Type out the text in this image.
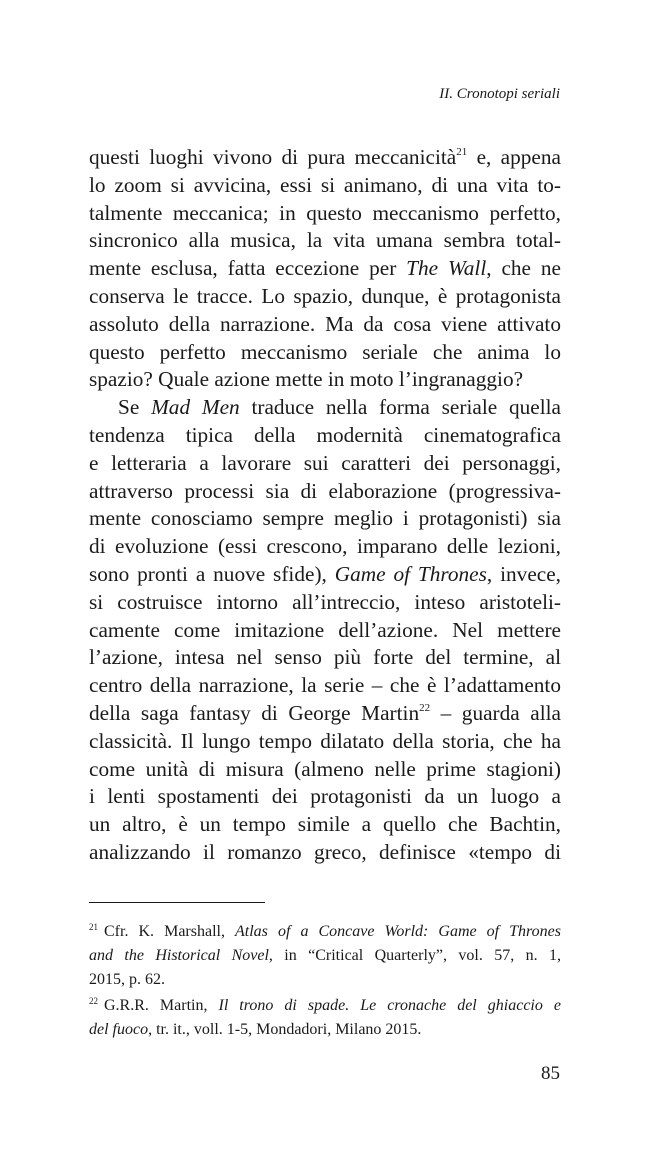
II. Cronotopi seriali
questi luoghi vivono di pura meccanicità$^{21}$ e, appena
lo zoom si avvicina, essi si animano, di una vita to-
talmente meccanica; in questo meccanismo perfetto,
sincronico alla musica, la vita umana sembra total-
mente esclusa, fatta eccezione per The Wall, che ne
conserva le tracce. Lo spazio, dunque, è protagonista
assoluto della narrazione. Ma da cosa viene attivato
questo perfetto meccanismo seriale che anima lo
spazio? Quale azione mette in moto l’ingranaggio?
Se Mad Men traduce nella forma seriale quella
tendenza tipica della modernità cinematografica
e letteraria a lavorare sui caratteri dei personaggi,
attraverso processi sia di elaborazione (progressiva-
mente conosciamo sempre meglio i protagonisti) sia
di evoluzione (essi crescono, imparano delle lezioni,
sono pronti a nuove sfide), Game of Thrones, invece,
si costruisce intorno all’intreccio, inteso aristoteli-
camente come imitazione dell’azione. Nel mettere
l’azione, intesa nel senso più forte del termine, al
centro della narrazione, la serie – che è l’adattamento
della saga fantasy di George Martin$^{22}$ – guarda alla
classicità. Il lungo tempo dilatato della storia, che ha
come unità di misura (almeno nelle prime stagioni)
i lenti spostamenti dei protagonisti da un luogo a
un altro, è un tempo simile a quello che Bachtin,
analizzando il romanzo greco, definisce «tempo di
$^{21}$ Cfr. K. Marshall, Atlas of a Concave World: Game of Thrones
and the Historical Novel, in “Critical Quarterly”, vol. 57, n. 1,
2015, p. 62.
$^{22}$ G.R.R. Martin, Il trono di spade. Le cronache del ghiaccio e
del fuoco, tr. it., voll. 1-5, Mondadori, Milano 2015.
85
